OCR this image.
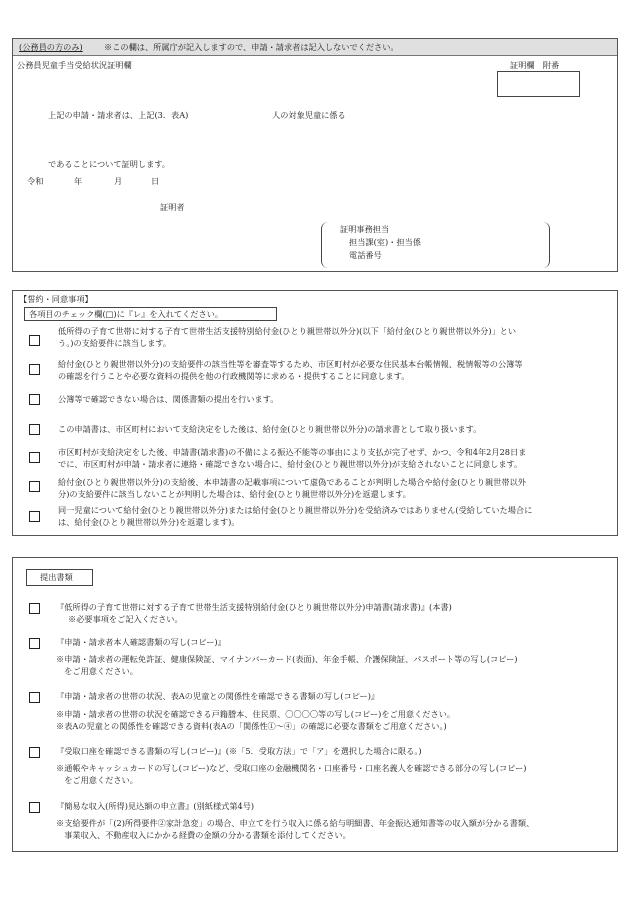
(公務員の方のみ)	※この欄は、所属庁が記入しますので、申請・請求者は記入しないでください。
公務員児童手当受給状況証明欄	証明欄　附番
上記の申請・請求者は、上記(3．表A)	人の対象児童に係る
であることについて証明します。
令和	年	月	日
証明者
証明事務担当
担当課(室)・担当係
電話番号
【誓約・同意事項】
各項目のチェック欄(□)に『レ』を入れてください。
低所得の子育て世帯に対する子育て世帯生活支援特別給付金(ひとり親世帯以外分)(以下「給付金(ひとり親世帯以外分)」とい
う。)の支給要件に該当します。
給付金(ひとり親世帯以外分)の支給要件の該当性等を審査等するため、市区町村が必要な住民基本台帳情報、税情報等の公簿等
の確認を行うことや必要な資料の提供を他の行政機関等に求める・提供することに同意します。
公簿等で確認できない場合は、関係書類の提出を行います。
この申請書は、市区町村において支給決定をした後は、給付金(ひとり親世帯以外分)の請求書として取り扱います。
市区町村が支給決定をした後、申請書(請求書)の不備による振込不能等の事由により支払が完了せず、かつ、令和4年2月28日ま
でに、市区町村が申請・請求者に連絡・確認できない場合に、給付金(ひとり親世帯以外分)が支給されないことに同意します。
給付金(ひとり親世帯以外分)の支給後、本申請書の記載事項について虚偽であることが判明した場合や給付金(ひとり親世帯以外
分)の支給要件に該当しないことが判明した場合は、給付金(ひとり親世帯以外分)を返還します。
同一児童について給付金(ひとり親世帯以外分)または給付金(ひとり親世帯以外分)を受給済みではありません(受給していた場合に
は、給付金(ひとり親世帯以外分)を返還します)。
提出書類
『低所得の子育て世帯に対する子育て世帯生活支援特別給付金(ひとり親世帯以外分)申請書(請求書)』(本書)
※必要事項をご記入ください。
『申請・請求者本人確認書類の写し(コピー)』
※申請・請求者の運転免許証、健康保険証、マイナンバーカード(表面)、年金手帳、介護保険証、パスポート等の写し(コピー)
　をご用意ください。
『申請・請求者の世帯の状況、表Aの児童との関係性を確認できる書類の写し(コピー)』
※申請・請求者の世帯の状況を確認できる戸籍謄本、住民票、〇〇〇〇等の写し(コピー)をご用意ください。
※表Aの児童との関係性を確認できる資料(表Aの「関係性①〜④」の確認に必要な書類をご用意ください。)
『受取口座を確認できる書類の写し(コピー)』(※「5．受取方法」で「ア」を選択した場合に限る。)
※通帳やキャッシュカードの写し(コピー)など、受取口座の金融機関名・口座番号・口座名義人を確認できる部分の写し(コピー)
　をご用意ください。
『簡易な収入(所得)見込額の申立書』(別紙様式第4号)
※支給要件が「(2)所得要件②家計急変」の場合、申立てを行う収入に係る給与明細書、年金振込通知書等の収入額が分かる書類、
　事業収入、不動産収入にかかる経費の金額の分かる書類を添付してください。
